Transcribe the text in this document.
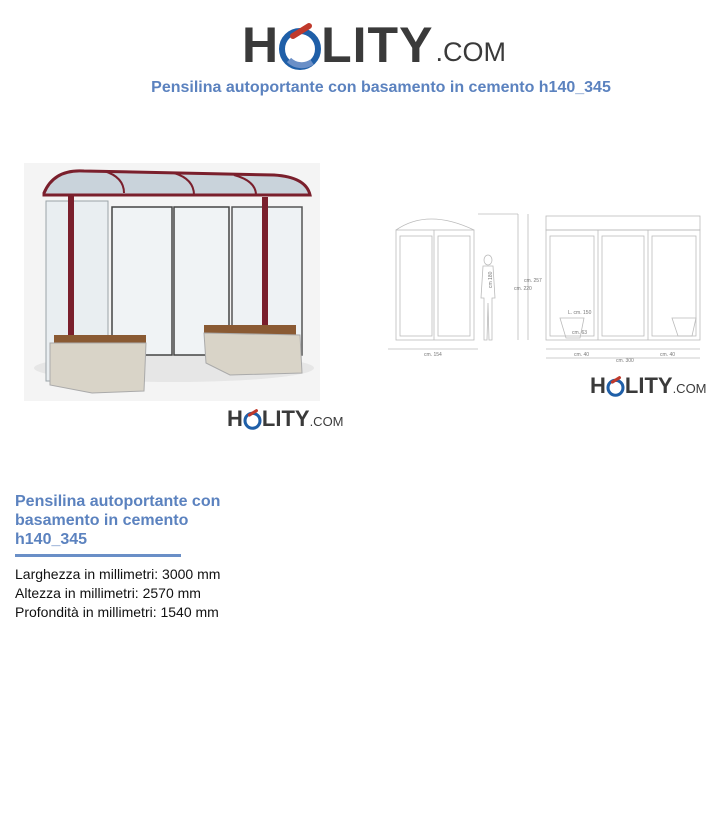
H LITY .COM
Pensilina autoportante con basamento in cemento h140_345
H LITY .COM
cm. 154
cm. 257
cm. 220
cm 180
L. cm. 150
cm. 63
cm. 40
cm. 300
cm. 40
H LITY .COM
Pensilina autoportante con basamento in cemento h140_345
Larghezza in millimetri: 3000 mm
Altezza in millimetri: 2570 mm
Profondità in millimetri: 1540 mm
